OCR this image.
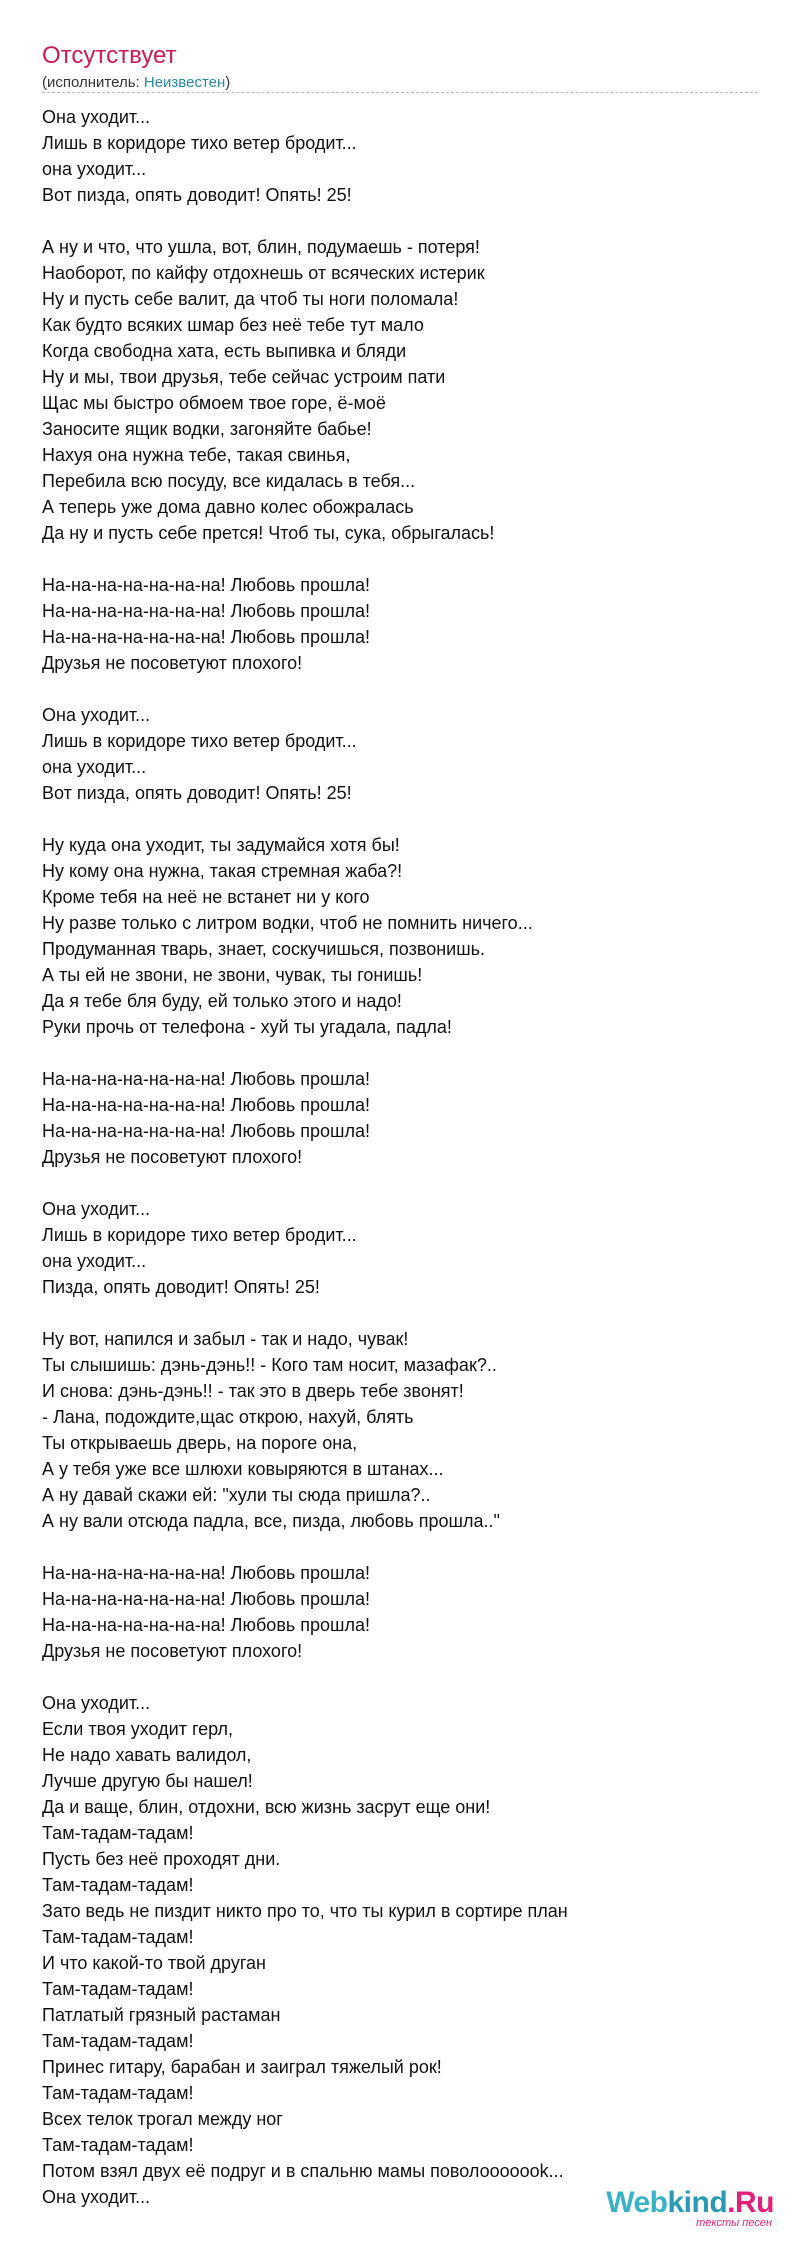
Отсутствует
(исполнитель: Неизвестен)
Она уходит...
Лишь в коридоре тихо ветер бродит...
она уходит...
Вот пизда, опять доводит! Опять! 25!
А ну и что, что ушла, вот, блин, подумаешь - потеря!
Наоборот, по кайфу отдохнешь от всяческих истерик
Ну и пусть себе валит, да чтоб ты ноги поломала!
Как будто всяких шмар без неё тебе тут мало
Когда свободна хата, есть выпивка и бляди
Ну и мы, твои друзья, тебе сейчас устроим пати
Щас мы быстро обмоем твое горе, ё-моё
Заносите ящик водки, загоняйте бабье!
Нахуя она нужна тебе, такая свинья,
Перебила всю посуду, все кидалась в тебя...
А теперь уже дома давно колес обожралась
Да ну и пусть себе прется! Чтоб ты, сука, обрыгалась!
На-на-на-на-на-на-на! Любовь прошла!
На-на-на-на-на-на-на! Любовь прошла!
На-на-на-на-на-на-на! Любовь прошла!
Друзья не посоветуют плохого!
Она уходит...
Лишь в коридоре тихо ветер бродит...
она уходит...
Вот пизда, опять доводит! Опять! 25!
Ну куда она уходит, ты задумайся хотя бы!
Ну кому она нужна, такая стремная жаба?!
Кроме тебя на неё не встанет ни у кого
Ну разве только с литром водки, чтоб не помнить ничего...
Продуманная тварь, знает, соскучишься, позвонишь.
А ты ей не звони, не звони, чувак, ты гонишь!
Да я тебе бля буду, ей только этого и надо!
Руки прочь от телефона - хуй ты угадала, падла!
На-на-на-на-на-на-на! Любовь прошла!
На-на-на-на-на-на-на! Любовь прошла!
На-на-на-на-на-на-на! Любовь прошла!
Друзья не посоветуют плохого!
Она уходит...
Лишь в коридоре тихо ветер бродит...
она уходит...
Пизда, опять доводит! Опять! 25!
Ну вот, напился и забыл - так и надо, чувак!
Ты слышишь: дэнь-дэнь!! - Кого там носит, мазафак?..
И снова: дэнь-дэнь!! - так это в дверь тебе звонят!
- Лана, подождите,щас открою, нахуй, блять
Ты открываешь дверь, на пороге она,
А у тебя уже все шлюхи ковыряются в штанах...
А ну давай скажи ей: "хули ты сюда пришла?..
А ну вали отсюда падла, все, пизда, любовь прошла.."
На-на-на-на-на-на-на! Любовь прошла!
На-на-на-на-на-на-на! Любовь прошла!
На-на-на-на-на-на-на! Любовь прошла!
Друзья не посоветуют плохого!
Она уходит...
Если твоя уходит герл,
Не надо хавать валидол,
Лучше другую бы нашел!
Да и ваще, блин, отдохни, всю жизнь засрут еще они!
Там-тадам-тадам!
Пусть без неё проходят дни.
Там-тадам-тадам!
Зато ведь не пиздит никто про то, что ты курил в сортире план
Там-тадам-тадам!
И что какой-то твой друган
Там-тадам-тадам!
Патлатый грязный растаман
Там-тадам-тадам!
Принес гитару, барабан и заиграл тяжелый рок!
Там-тадам-тадам!
Всех телок трогал между ног
Там-тадам-тадам!
Потом взял двух её подруг и в спальню мамы поволооооook...
Она уходит...	Webkind.Ru
тексты песен
